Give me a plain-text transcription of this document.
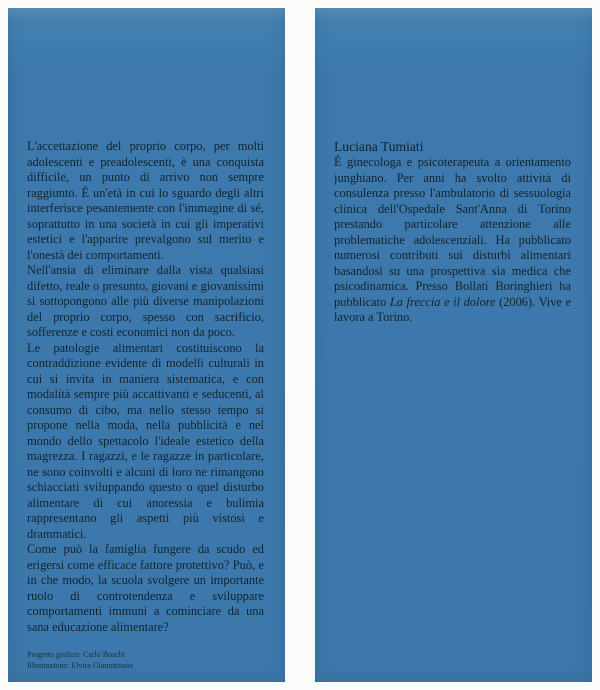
L'accettazione del proprio corpo, per molti adolescenti e preadolescenti, è una conquista difficile, un punto di arrivo non sempre raggiunto. È un'età in cui lo sguardo degli altri interferisce pesantemente con l'immagine di sé, soprattutto in una società in cui gli imperativi estetici e l'apparire prevalgono sul merito e l'onestà dei comportamenti.

Nell'ansia di eliminare dalla vista qualsiasi difetto, reale o presunto, giovani e giovanissimi si sottopongono alle più diverse manipolazioni del proprio corpo, spesso con sacrificio, sofferenze e costi economici non da poco.

Le patologie alimentari costituiscono la contraddizione evidente di modelli culturali in cui si invita in maniera sistematica, e con modalità sempre più accattivanti e seducenti, al consumo di cibo, ma nello stesso tempo si propone nella moda, nella pubblicità e nel mondo dello spettacolo l'ideale estetico della magrezza. I ragazzi, e le ragazze in particolare, ne sono coinvolti e alcuni di loro ne rimangono schiacciati sviluppando questo o quel disturbo alimentare di cui anoressia e bulimia rappresentano gli aspetti più vistosi e drammatici.

Come può la famiglia fungere da scudo ed erigersi come efficace fattore protettivo? Può, e in che modo, la scuola svolgere un importante ruolo di controtendenza e sviluppare comportamenti immuni a cominciare da una sana educazione alimentare?

Progetto grafico: Carlo Boschi
Illustrazione: Elvira Giannattasio

Luciana Tumiati

È ginecologa e psicoterapeuta a orientamento junghiano. Per anni ha svolto attività di consulenza presso l'ambulatorio di sessuologia clinica dell'Ospedale Sant'Anna di Torino prestando particolare attenzione alle problematiche adolescenziali. Ha pubblicato numerosi contributi sui disturbi alimentari basandosi su una prospettiva sia medica che psicodinamica. Presso Bollati Boringhieri ha pubblicato La freccia e il dolore (2006). Vive e lavora a Torino.
